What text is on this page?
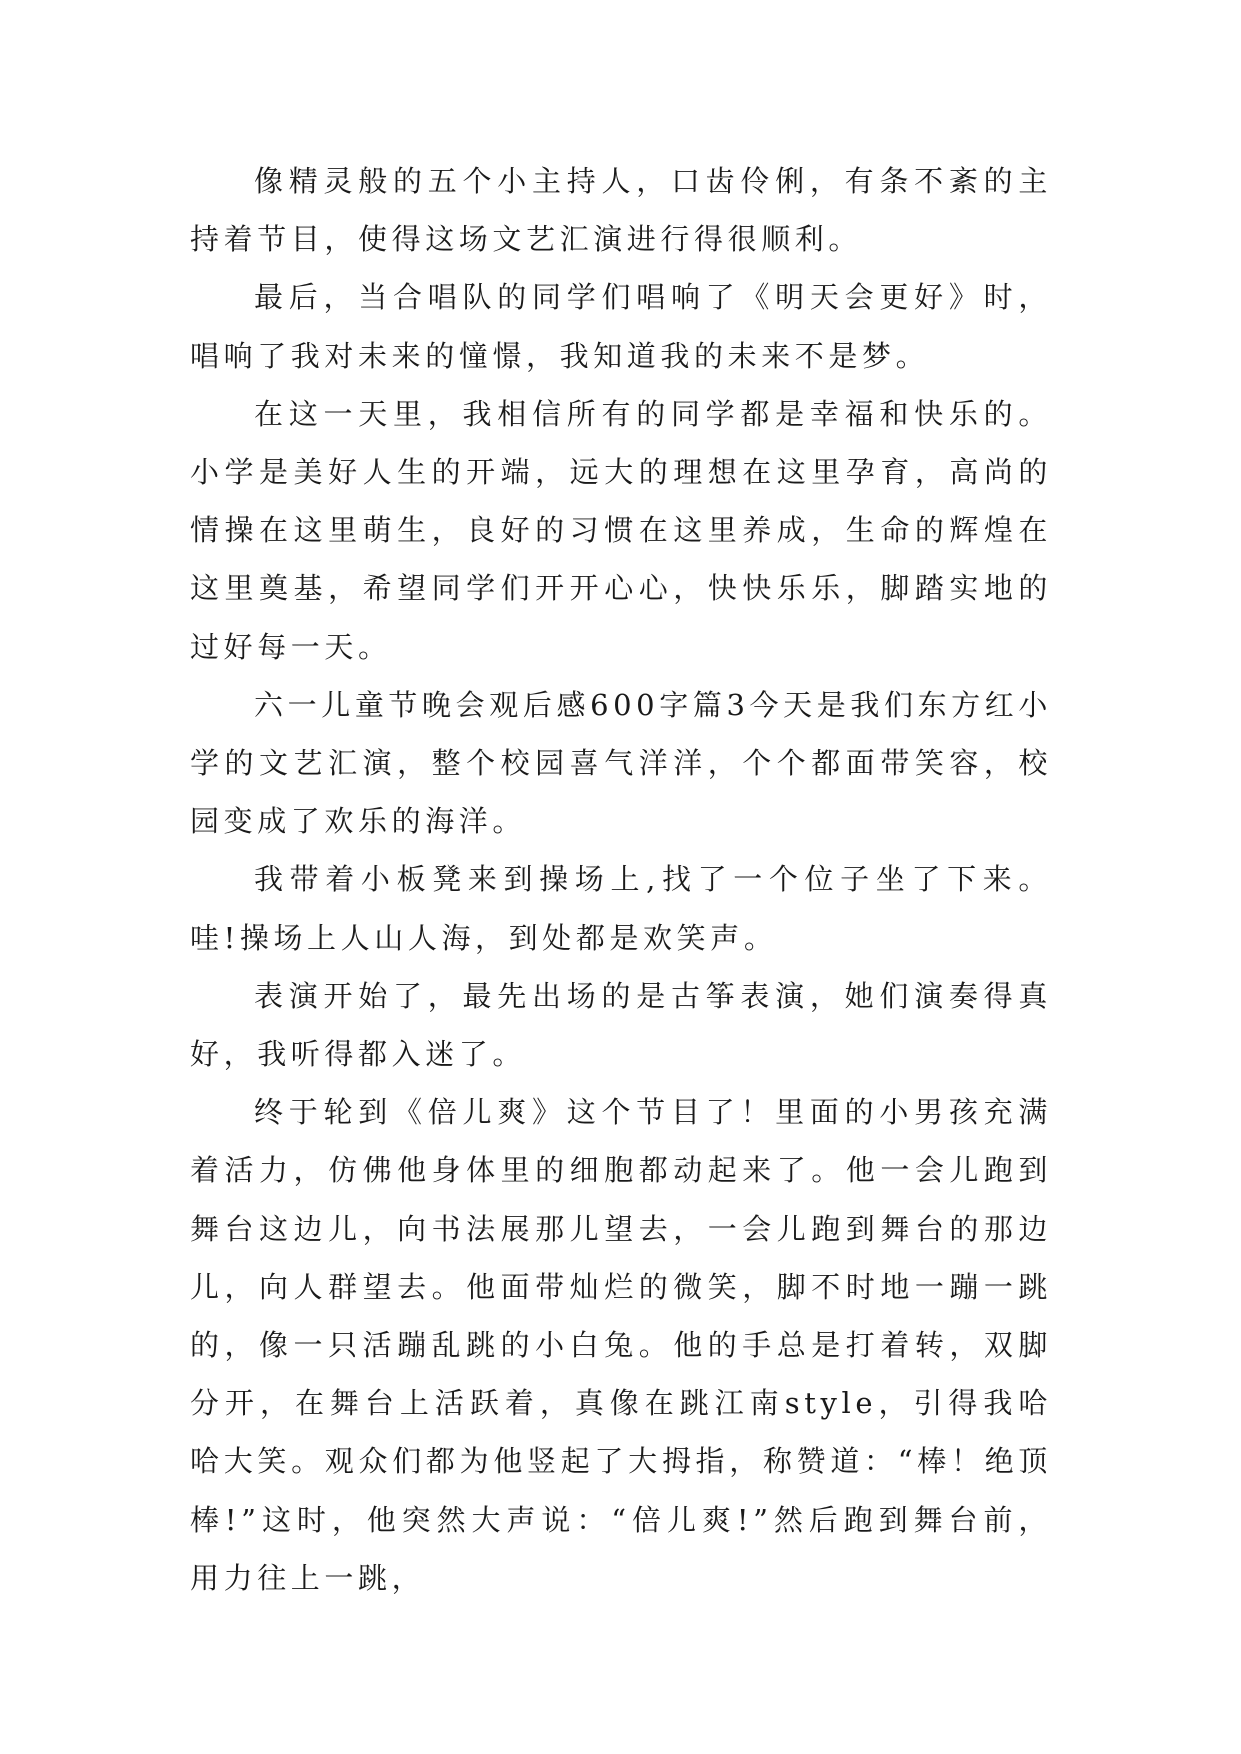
像精灵般的五个小主持人，口齿伶俐，有条不紊的主持着节目，使得这场文艺汇演进行得很顺利。

最后，当合唱队的同学们唱响了《明天会更好》时，唱响了我对未来的憧憬，我知道我的未来不是梦。

在这一天里，我相信所有的同学都是幸福和快乐的。小学是美好人生的开端，远大的理想在这里孕育，高尚的情操在这里萌生，良好的习惯在这里养成，生命的辉煌在这里奠基，希望同学们开开心心，快快乐乐，脚踏实地的过好每一天。

六一儿童节晚会观后感600字篇3今天是我们东方红小学的文艺汇演，整个校园喜气洋洋，个个都面带笑容，校园变成了欢乐的海洋。

我带着小板凳来到操场上,找了一个位子坐了下来。哇!操场上人山人海，到处都是欢笑声。

表演开始了，最先出场的是古筝表演，她们演奏得真好，我听得都入迷了。

终于轮到《倍儿爽》这个节目了！里面的小男孩充满着活力，仿佛他身体里的细胞都动起来了。他一会儿跑到舞台这边儿，向书法展那儿望去，一会儿跑到舞台的那边儿，向人群望去。他面带灿烂的微笑，脚不时地一蹦一跳的，像一只活蹦乱跳的小白兔。他的手总是打着转，双脚分开，在舞台上活跃着，真像在跳江南style，引得我哈哈大笑。观众们都为他竖起了大拇指，称赞道：“棒！绝顶棒!”这时，他突然大声说：“倍儿爽!”然后跑到舞台前，用力往上一跳，
